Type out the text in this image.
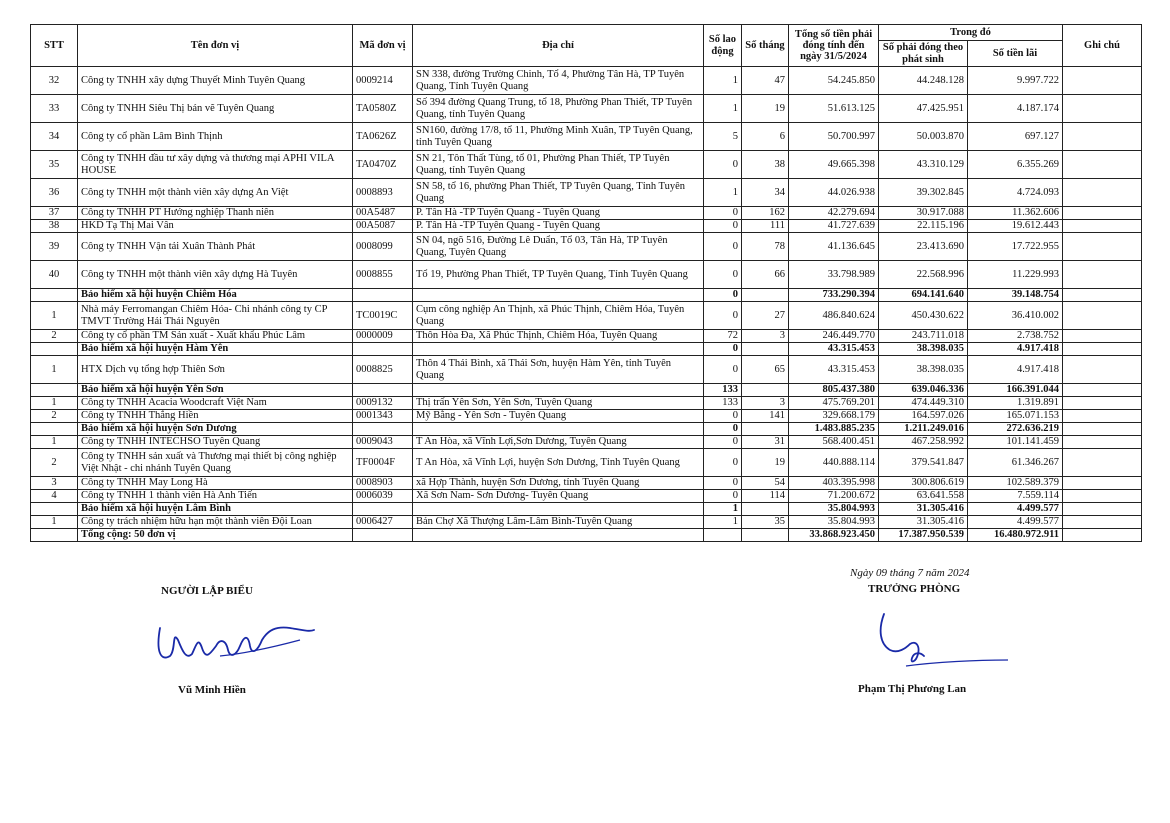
STT	Tên đơn vị	Mã đơn vị	Địa chỉ	Số lao động	Số tháng	Tổng số tiền phải đóng tính đến ngày 31/5/2024	Trong đó		Ghi chú
							Số phải đóng theo phát sinh	Số tiền lãi	
32	Công ty TNHH xây dựng Thuyết Minh Tuyên Quang	0009214	SN 338, đường Trường Chinh, Tổ 4, Phường Tân Hà, TP Tuyên Quang, Tỉnh Tuyên Quang	1	47	54.245.850	44.248.128	9.997.722	
33	Công ty TNHH Siêu Thị bán vẽ Tuyên Quang	TA0580Z	Số 394 đường Quang Trung, tổ 18, Phường Phan Thiết, TP Tuyên Quang, tỉnh Tuyên Quang	1	19	51.613.125	47.425.951	4.187.174	
34	Công ty cổ phần Lâm Bình Thịnh	TA0626Z	SN160, đường 17/8, tổ 11, Phường Minh Xuân, TP Tuyên Quang, tỉnh Tuyên Quang	5	6	50.700.997	50.003.870	697.127	
35	Công ty TNHH đầu tư xây dựng và thương mại APHI VILA HOUSE	TA0470Z	SN 21, Tôn Thất Tùng, tổ 01, Phường Phan Thiết, TP Tuyên Quang, tỉnh Tuyên Quang	0	38	49.665.398	43.310.129	6.355.269	
36	Công ty TNHH một thành viên xây dựng An Việt	0008893	SN 58, tổ 16, phường Phan Thiết, TP Tuyên Quang, Tỉnh Tuyên Quang	1	34	44.026.938	39.302.845	4.724.093	
37	Công ty TNHH PT Hướng nghiệp Thanh niên	00A5487	P. Tân Hà -TP Tuyên Quang - Tuyên Quang	0	162	42.279.694	30.917.088	11.362.606	
38	HKD Tạ Thị Mai Vân	00A5087	P. Tân Hà -TP Tuyên Quang - Tuyên Quang	0	111	41.727.639	22.115.196	19.612.443	
39	Công ty TNHH Vận tải Xuân Thành Phát	0008099	SN 04, ngõ 516, Đường Lê Duẩn, Tổ 03, Tân Hà, TP Tuyên Quang, Tuyên Quang	0	78	41.136.645	23.413.690	17.722.955	
40	Công ty TNHH một thành viên xây dựng Hà Tuyên	0008855	Tổ 19, Phường Phan Thiết, TP Tuyên Quang, Tỉnh Tuyên Quang	0	66	33.798.989	22.568.996	11.229.993	
	Bảo hiểm xã hội huyện Chiêm Hóa			0		733.290.394	694.141.640	39.148.754	
1	Nhà máy Ferromangan Chiêm Hóa- Chi nhánh công ty CP TMVT Trường Hải Thái Nguyên	TC0019C	Cụm công nghiệp An Thịnh, xã Phúc Thịnh, Chiêm Hóa, Tuyên Quang	0	27	486.840.624	450.430.622	36.410.002	
2	Công ty cổ phần TM Sản xuất - Xuất khẩu Phúc Lâm	0000009	Thôn Hòa Đa, Xã Phúc Thịnh, Chiêm Hóa, Tuyên Quang	72	3	246.449.770	243.711.018	2.738.752	
	Bảo hiểm xã hội huyện Hàm Yên			0		43.315.453	38.398.035	4.917.418	
1	HTX Dịch vụ tổng hợp Thiên Sơn	0008825	Thôn 4 Thái Bình, xã Thái Sơn, huyện Hàm Yên, tỉnh Tuyên Quang	0	65	43.315.453	38.398.035	4.917.418	
	Bảo hiểm xã hội huyện Yên Sơn			133		805.437.380	639.046.336	166.391.044	
1	Công ty TNHH Acacia Woodcraft Việt Nam	0009132	Thị trấn Yên Sơn, Yên Sơn, Tuyên Quang	133	3	475.769.201	474.449.310	1.319.891	
2	Công ty TNHH Thắng Hiền	0001343	Mỹ Bằng - Yên Sơn - Tuyên Quang	0	141	329.668.179	164.597.026	165.071.153	
	Bảo hiểm xã hội huyện Sơn Dương			0		1.483.885.235	1.211.249.016	272.636.219	
1	Công ty TNHH INTECHSO Tuyên Quang	0009043	T An Hòa, xã Vĩnh Lợi,Sơn Dương, Tuyên Quang	0	31	568.400.451	467.258.992	101.141.459	
2	Công ty TNHH sản xuất và Thương mại thiết bị công nghiệp Việt Nhật - chi nhánh Tuyên Quang	TF0004F	T An Hòa, xã Vĩnh Lợi, huyện Sơn Dương, Tỉnh Tuyên Quang	0	19	440.888.114	379.541.847	61.346.267	
3	Công ty TNHH May Long Hà	0008903	xã Hợp Thành, huyện Sơn Dương, tỉnh Tuyên Quang	0	54	403.395.998	300.806.619	102.589.379	
4	Công ty TNHH 1 thành viên Hà Anh Tiến	0006039	Xã Sơn Nam- Sơn Dương- Tuyên Quang	0	114	71.200.672	63.641.558	7.559.114	
	Bảo hiểm xã hội huyện Lâm Bình			1		35.804.993	31.305.416	4.499.577	
1	Công ty trách nhiệm hữu hạn một thành viên Đội Loan	0006427	Bản Chợ Xã Thượng Lâm-Lâm Bình-Tuyên Quang	1	35	35.804.993	31.305.416	4.499.577	
	Tổng cộng: 50 đơn vị					33.868.923.450	17.387.950.539	16.480.972.911	
NGƯỜI LẬP BIỂU
Vũ Minh Hiền
Ngày 09 tháng 7 năm 2024
TRƯỞNG PHÒNG
Phạm Thị Phương Lan
